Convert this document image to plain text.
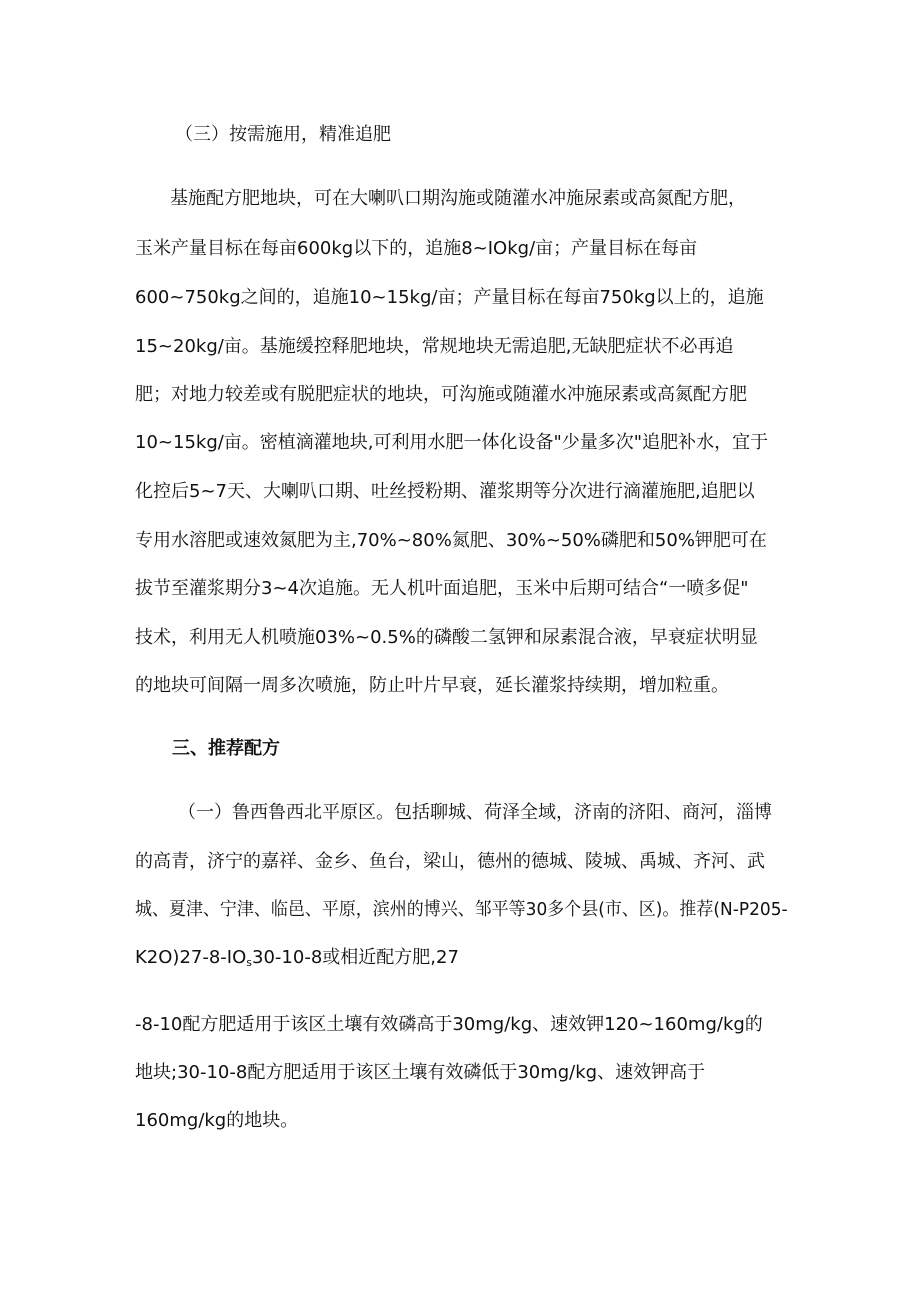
（三）按需施用，精准追肥

基施配方肥地块，可在大喇叭口期沟施或随灌水冲施尿素或高氮配方肥，

玉米产量目标在每亩600kg以下的，追施8~IOkg/亩；产量目标在每亩

600~750kg之间的，追施10~15kg/亩；产量目标在每亩750kg以上的，追施

15~20kg/亩。基施缓控释肥地块，常规地块无需追肥,无缺肥症状不必再追

肥；对地力较差或有脱肥症状的地块，可沟施或随灌水冲施尿素或高氮配方肥

10~15kg∕亩。密植滴灌地块,可利用水肥一体化设备"少量多次"追肥补水，宜于

化控后5~7天、大喇叭口期、吐丝授粉期、灌浆期等分次进行滴灌施肥,追肥以

专用水溶肥或速效氮肥为主,70%~80%氮肥、30%~50%磷肥和50%钾肥可在

拔节至灌浆期分3~4次追施。无人机叶面追肥，玉米中后期可结合“一喷多促"

技术，利用无人机喷施03%~0.5%的磷酸二氢钾和尿素混合液，早衰症状明显

的地块可间隔一周多次喷施，防止叶片早衰，延长灌浆持续期，增加粒重。

三、推荐配方

（一）鲁西鲁西北平原区。包括聊城、荷泽全域，济南的济阳、商河，淄博

的高青，济宁的嘉祥、金乡、鱼台，梁山，德州的德城、陵城、禹城、齐河、武

城、夏津、宁津、临邑、平原，滨州的博兴、邹平等30多个县(市、区)。推荐(N-P205-

$K2O)27-8-IO_s30-10-8$或相近配方肥,27

-8-10配方肥适用于该区土壤有效磷高于30mg∕kg、速效钾120~160mg/kg的

地块;30-10-8配方肥适用于该区土壤有效磷低于30mg/kg、速效钾高于

160mg/kg的地块。
